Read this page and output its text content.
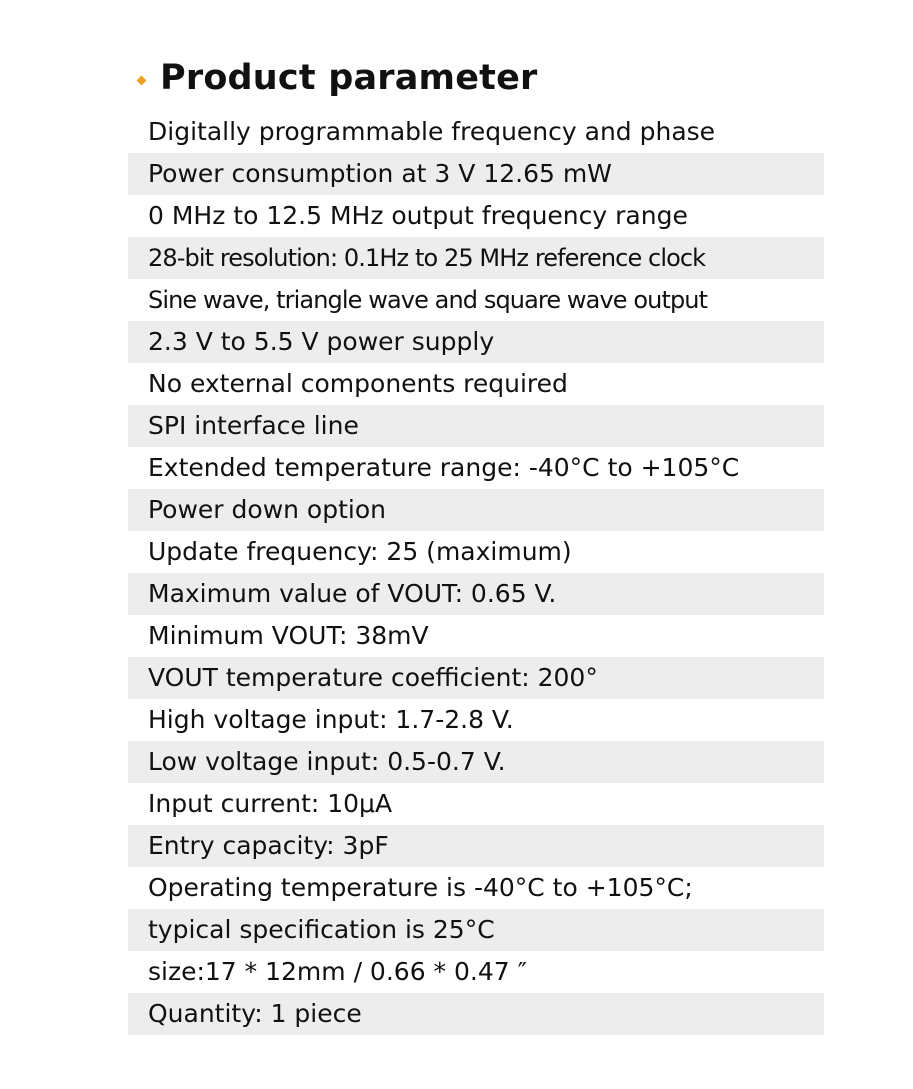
Product parameter
Digitally programmable frequency and phase
Power consumption at 3 V 12.65 mW
0 MHz to 12.5 MHz output frequency range
28-bit resolution: 0.1Hz to 25 MHz reference clock
Sine wave, triangle wave and square wave output
2.3 V to 5.5 V power supply
No external components required
SPI interface line
Extended temperature range: -40°C to +105°C
Power down option
Update frequency: 25 (maximum)
Maximum value of VOUT: 0.65 V.
Minimum VOUT: 38mV
VOUT temperature coefficient: 200°
High voltage input: 1.7-2.8 V.
Low voltage input: 0.5-0.7 V.
Input current: 10μA
Entry capacity: 3pF
Operating temperature is -40°C to +105°C;
typical specification is 25°C
size:17 * 12mm / 0.66 * 0.47 ″
Quantity: 1 piece
